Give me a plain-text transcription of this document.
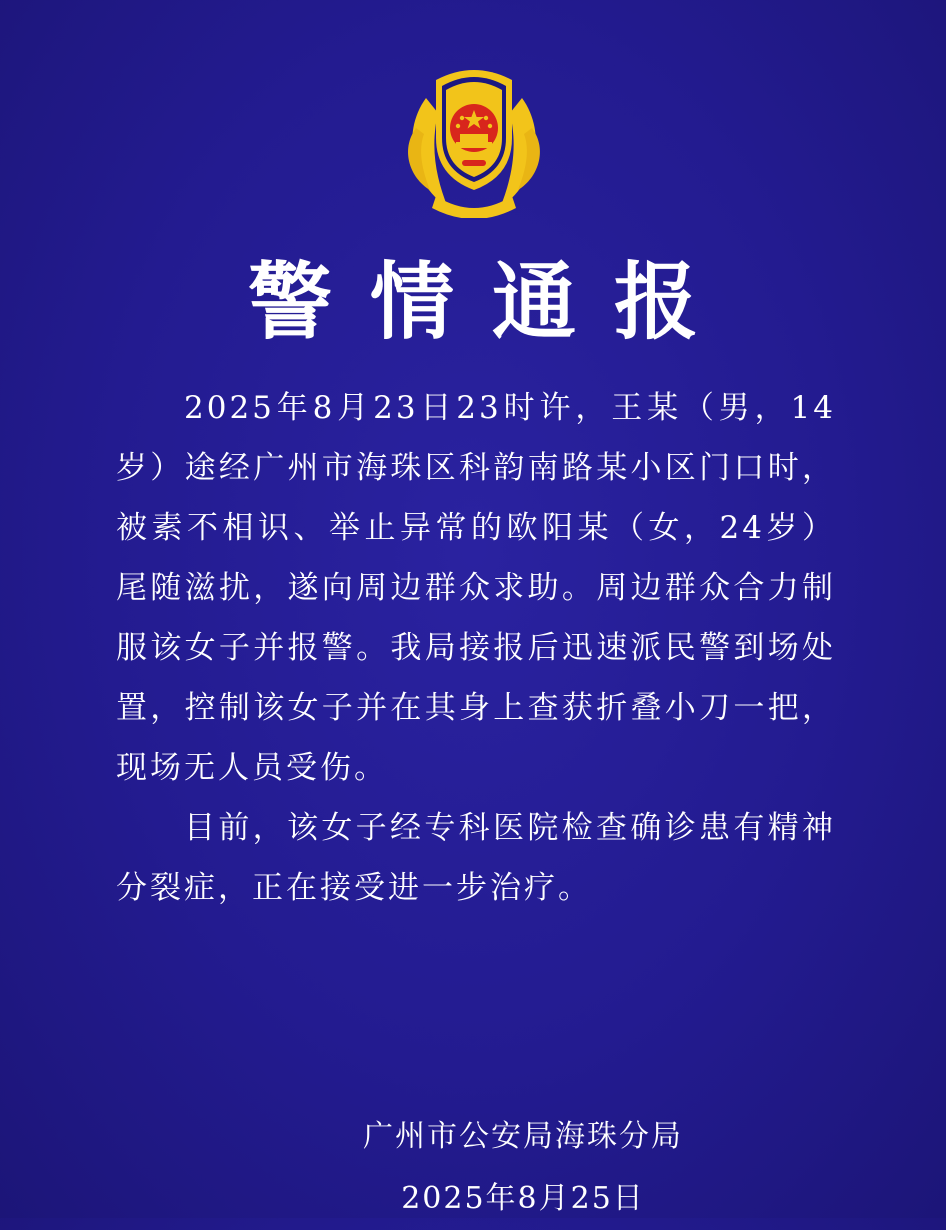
警情通报

2025年8月23日23时许，王某（男，14岁）途经广州市海珠区科韵南路某小区门口时，被素不相识、举止异常的欧阳某（女，24岁）尾随滋扰，遂向周边群众求助。周边群众合力制服该女子并报警。我局接报后迅速派民警到场处置，控制该女子并在其身上查获折叠小刀一把，现场无人员受伤。

目前，该女子经专科医院检查确诊患有精神分裂症，正在接受进一步治疗。

广州市公安局海珠分局
2025年8月25日
